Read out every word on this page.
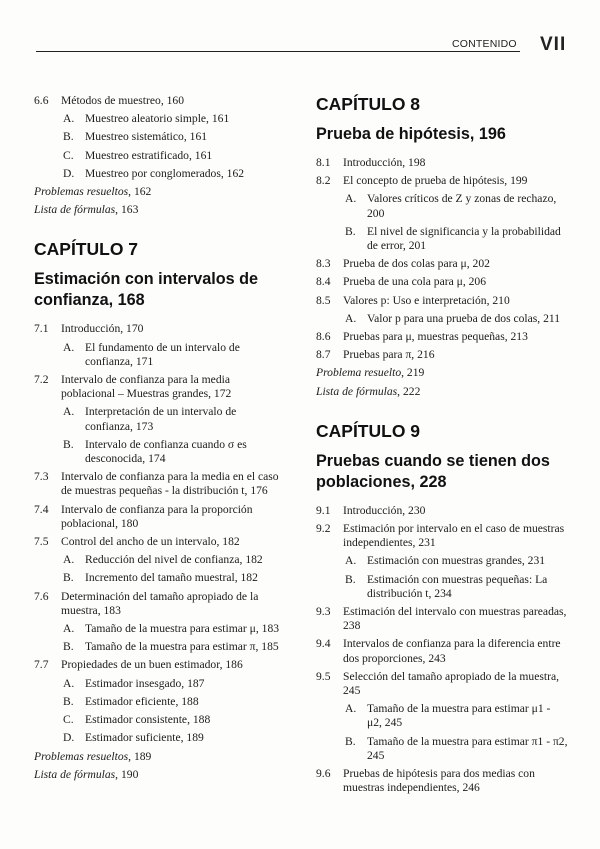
CONTENIDO VII
6.6 Métodos de muestreo, 160
A. Muestreo aleatorio simple, 161
B. Muestreo sistemático, 161
C. Muestreo estratificado, 161
D. Muestreo por conglomerados, 162
Problemas resueltos, 162
Lista de fórmulas, 163
CAPÍTULO 7
Estimación con intervalos de confianza, 168
7.1 Introducción, 170
A. El fundamento de un intervalo de confianza, 171
7.2 Intervalo de confianza para la media poblacional – Muestras grandes, 172
A. Interpretación de un intervalo de confianza, 173
B. Intervalo de confianza cuando σ es desconocida, 174
7.3 Intervalo de confianza para la media en el caso de muestras pequeñas - la distribución t, 176
7.4 Intervalo de confianza para la proporción poblacional, 180
7.5 Control del ancho de un intervalo, 182
A. Reducción del nivel de confianza, 182
B. Incremento del tamaño muestral, 182
7.6 Determinación del tamaño apropiado de la muestra, 183
A. Tamaño de la muestra para estimar μ, 183
B. Tamaño de la muestra para estimar π, 185
7.7 Propiedades de un buen estimador, 186
A. Estimador insesgado, 187
B. Estimador eficiente, 188
C. Estimador consistente, 188
D. Estimador suficiente, 189
Problemas resueltos, 189
Lista de fórmulas, 190
CAPÍTULO 8
Prueba de hipótesis, 196
8.1 Introducción, 198
8.2 El concepto de prueba de hipótesis, 199
A. Valores críticos de Z y zonas de rechazo, 200
B. El nivel de significancia y la probabilidad de error, 201
8.3 Prueba de dos colas para μ, 202
8.4 Prueba de una cola para μ, 206
8.5 Valores p: Uso e interpretación, 210
A. Valor p para una prueba de dos colas, 211
8.6 Pruebas para μ, muestras pequeñas, 213
8.7 Pruebas para π, 216
Problema resuelto, 219
Lista de fórmulas, 222
CAPÍTULO 9
Pruebas cuando se tienen dos poblaciones, 228
9.1 Introducción, 230
9.2 Estimación por intervalo en el caso de muestras independientes, 231
A. Estimación con muestras grandes, 231
B. Estimación con muestras pequeñas: La distribución t, 234
9.3 Estimación del intervalo con muestras pareadas, 238
9.4 Intervalos de confianza para la diferencia entre dos proporciones, 243
9.5 Selección del tamaño apropiado de la muestra, 245
A. Tamaño de la muestra para estimar μ1 - μ2, 245
B. Tamaño de la muestra para estimar π1 - π2, 245
9.6 Pruebas de hipótesis para dos medias con muestras independientes, 246
